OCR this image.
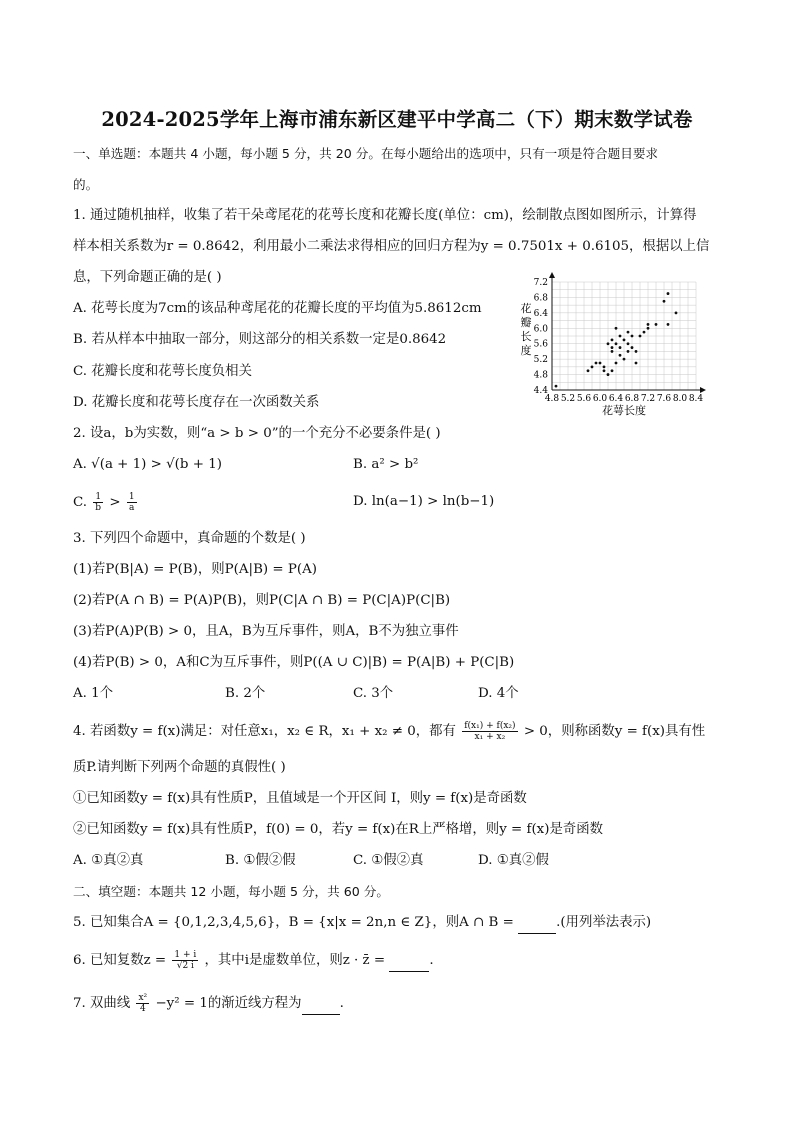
2024-2025学年上海市浦东新区建平中学高二（下）期末数学试卷
一、单选题：本题共 4 小题，每小题 5 分，共 20 分。在每小题给出的选项中，只有一项是符合题目要求
的。
1. 通过随机抽样，收集了若干朵鸢尾花的花萼长度和花瓣长度(单位：cm)，绘制散点图如图所示，计算得
样本相关系数为r = 0.8642，利用最小二乘法求得相应的回归方程为y = 0.7501x + 0.6105，根据以上信
息，下列命题正确的是( )
A. 花萼长度为7cm的该品种鸢尾花的花瓣长度的平均值为5.8612cm
B. 若从样本中抽取一部分，则这部分的相关系数一定是0.8642
C. 花瓣长度和花萼长度负相关
D. 花瓣长度和花萼长度存在一次函数关系	4.8 5.2 5.6 6.0 6.4 6.8 7.2 7.6 8.0 8.4
4.4
4.8
5.2
5.6
6.0
6.4
6.8
7.2
花萼长度
花
瓣
长
度
2. 设a，b为实数，则“a > b > 0”的一个充分不必要条件是( )
A. √(a + 1) > √(b + 1)	B. a² > b²
C. $\frac{1}{b} > \frac{1}{a}$	D. ln(a−1) > ln(b−1)
3. 下列四个命题中，真命题的个数是( )
(1)若P(B|A) = P(B)，则P(A|B) = P(A)
(2)若P(A ∩ B) = P(A)P(B)，则P(C|A ∩ B) = P(C|A)P(C|B)
(3)若P(A)P(B) > 0，且A，B为互斥事件，则A，B不为独立事件
(4)若P(B) > 0，A和C为互斥事件，则P((A ∪ C)|B) = P(A|B) + P(C|B)
A. 1个	B. 2个	C. 3个	D. 4个
4. 若函数y = f(x)满足：对任意x₁，x₂ ∈ R，x₁ + x₂ ≠ 0，都有 $\frac{\text{f(x₁) + f(x₂)}}{\text{x₁ + x₂}} > 0$，则称函数y = f(x)具有性
质P.请判断下列两个命题的真假性( )
①已知函数y = f(x)具有性质P，且值域是一个开区间 I，则y = f(x)是奇函数
②已知函数y = f(x)具有性质P，f(0) = 0，若y = f(x)在R上严格增，则y = f(x)是奇函数
A. ①真②真	B. ①假②假	C. ①假②真	D. ①真②假
二、填空题：本题共 12 小题，每小题 5 分，共 60 分。
5. 已知集合A = {0,1,2,3,4,5,6}，B = {x|x = 2n,n ∈ Z}，则A ∩ B =	.(用列举法表示)
6. 已知复数$z = \frac{1 + i}{√2 i}$ ，其中i是虚数单位，则z · z̄ =	.
7. 双曲线 $\frac{\text{x²}}{4} -y^2 = 1$的渐近线方程为	.
